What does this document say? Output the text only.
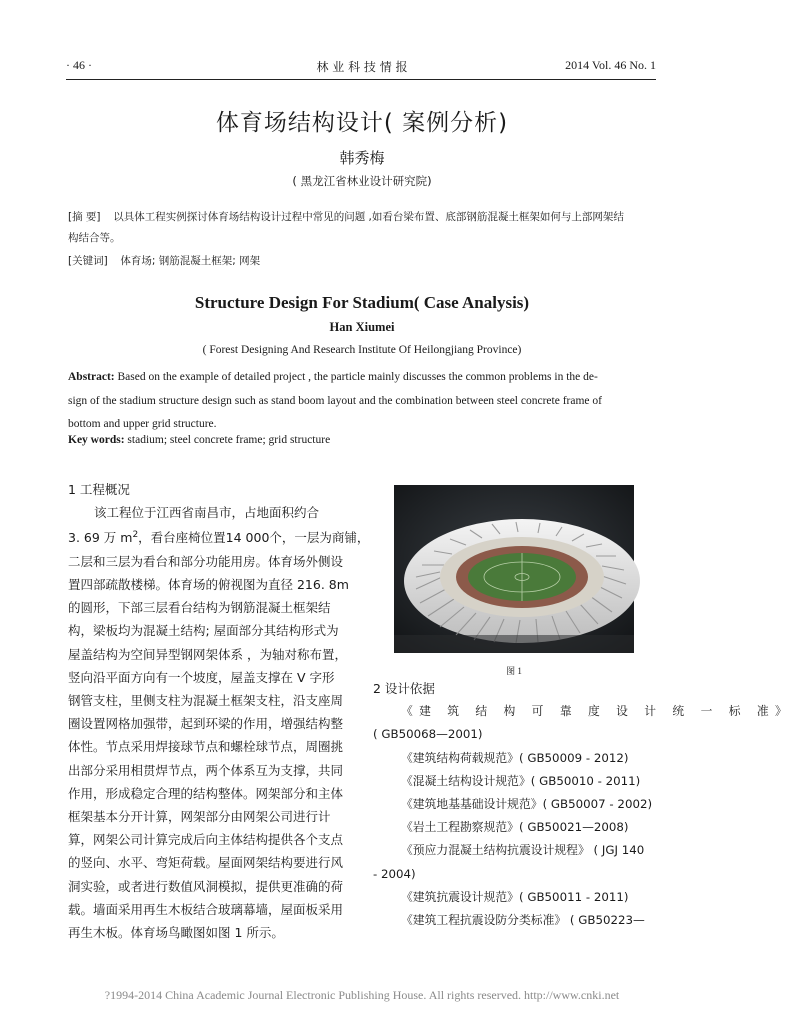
· 46 ·	林 业 科 技 情 报	2014 Vol. 46 No. 1
体育场结构设计( 案例分析)
韩秀梅
( 黑龙江省林业设计研究院)
[摘 要] 以具体工程实例探讨体育场结构设计过程中常见的问题 ,如看台梁布置、底部钢筋混凝土框架如何与上部网架结
构结合等。
[关键词] 体育场; 钢筋混凝土框架; 网架
Structure Design For Stadium( Case Analysis)
Han Xiumei
( Forest Designing And Research Institute Of Heilongjiang Province)
Abstract: Based on the example of detailed project , the particle mainly discusses the common problems in the de-
sign of the stadium structure design such as stand boom layout and the combination between steel concrete frame of
bottom and upper grid structure.
Key words: stadium; steel concrete frame; grid structure
1 工程概况
该工程位于江西省南昌市，占地面积约合
3. 69 万 $m^2$，看台座椅位置14 000个，一层为商铺，
二层和三层为看台和部分功能用房。体育场外侧设
置四部疏散楼梯。体育场的俯视图为直径 216. 8m
的圆形，下部三层看台结构为钢筋混凝土框架结
构，梁板均为混凝土结构; 屋面部分其结构形式为
屋盖结构为空间异型钢网架体系 ，为轴对称布置，
竖向沿平面方向有一个坡度，屋盖支撑在 V 字形
钢管支柱，里侧支柱为混凝土框架支柱，沿支座周
圈设置网格加强带，起到环梁的作用，增强结构整
体性。节点采用焊接球节点和螺栓球节点，周圈挑
出部分采用相贯焊节点，两个体系互为支撑，共同
作用，形成稳定合理的结构整体。网架部分和主体
框架基本分开计算，网架部分由网架公司进行计
算，网架公司计算完成后向主体结构提供各个支点
的竖向、水平、弯矩荷载。屋面网架结构要进行风
洞实验，或者进行数值风洞模拟，提供更准确的荷
载。墙面采用再生木板结合玻璃幕墙，屋面板采用
再生木板。体育场鸟瞰图如图 1 所示。
图 1
2 设计依据
《建 筑 结 构 可 靠 度 设 计 统 一 标 准》
( GB50068—2001)
《建筑结构荷载规范》( GB50009 - 2012)
《混凝土结构设计规范》( GB50010 - 2011)
《建筑地基基础设计规范》( GB50007 - 2002)
《岩土工程勘察规范》( GB50021—2008)
《预应力混凝土结构抗震设计规程》 ( JGJ 140
- 2004)
《建筑抗震设计规范》( GB50011 - 2011)
《建筑工程抗震设防分类标准》 ( GB50223—
?1994-2014 China Academic Journal Electronic Publishing House. All rights reserved. http://www.cnki.net
